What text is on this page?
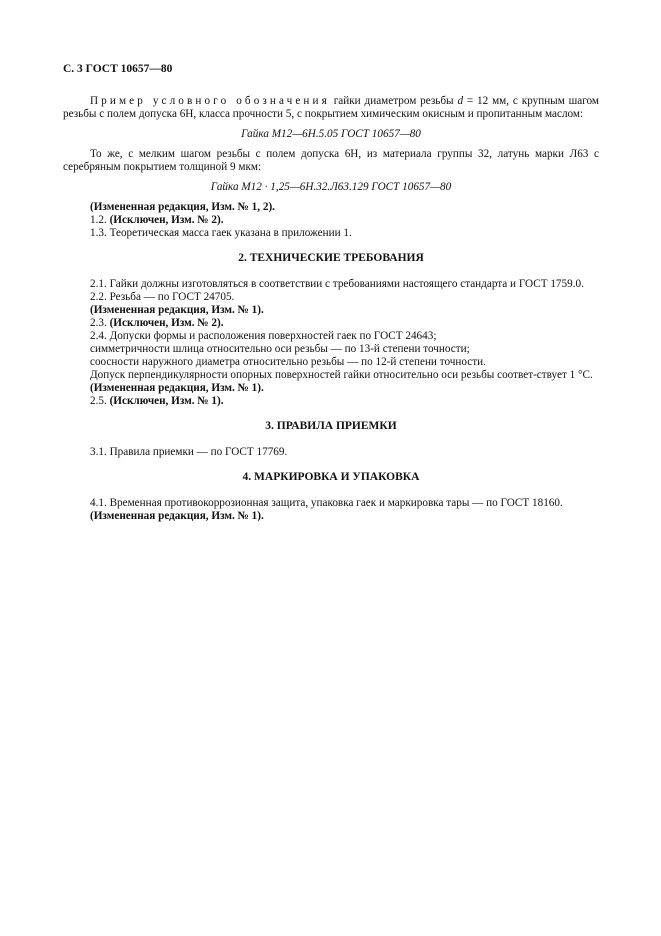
С. 3 ГОСТ 10657—80

Пример условного обозначения гайки диаметром резьбы d = 12 мм, с крупным шагом резьбы с полем допуска 6Н, класса прочности 5, с покрытием химическим окисным и пропитанным маслом:

Гайка М12—6Н.5.05 ГОСТ 10657—80

То же, с мелким шагом резьбы с полем допуска 6Н, из материала группы 32, латунь марки Л63 с серебряным покрытием толщиной 9 мкм:

Гайка М12 · 1,25—6Н.32.Л63.129 ГОСТ 10657—80

(Измененная редакция, Изм. № 1, 2).

1.2. (Исключен, Изм. № 2).

1.3. Теоретическая масса гаек указана в приложении 1.

2. ТЕХНИЧЕСКИЕ ТРЕБОВАНИЯ

2.1. Гайки должны изготовляться в соответствии с требованиями настоящего стандарта и ГОСТ 1759.0.

2.2. Резьба — по ГОСТ 24705.

(Измененная редакция, Изм. № 1).

2.3. (Исключен, Изм. № 2).

2.4. Допуски формы и расположения поверхностей гаек по ГОСТ 24643;

симметричности шлица относительно оси резьбы — по 13-й степени точности;

соосности наружного диаметра относительно резьбы — по 12-й степени точности.

Допуск перпендикулярности опорных поверхностей гайки относительно оси резьбы соответ-ствует 1 °С.

(Измененная редакция, Изм. № 1).

2.5. (Исключен, Изм. № 1).

3. ПРАВИЛА ПРИЕМКИ

3.1. Правила приемки — по ГОСТ 17769.

4. МАРКИРОВКА И УПАКОВКА

4.1. Временная противокоррозионная защита, упаковка гаек и маркировка тары — по ГОСТ 18160.

(Измененная редакция, Изм. № 1).
